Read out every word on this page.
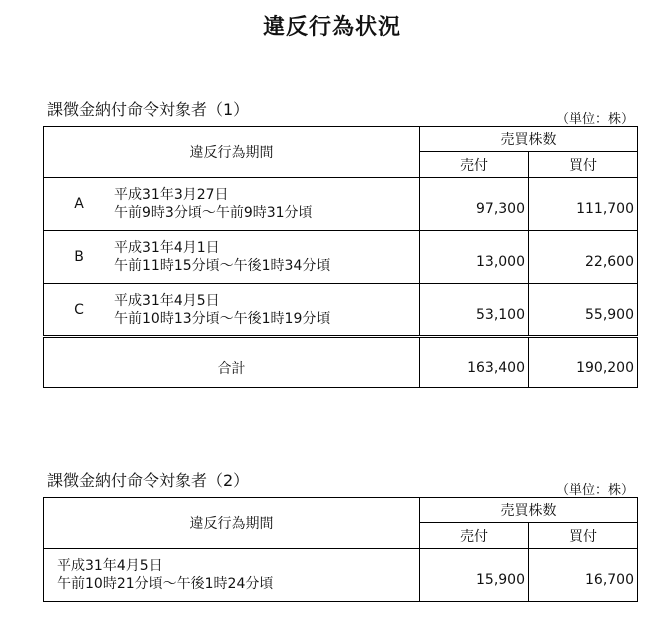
違反行為状況
課徴金納付命令対象者（1）
（単位：株）
違反行為期間	売買株数	
	売付	買付

A
平成31年3月27日
午前9時3分頃～午前9時31分頃	97,300	111,700

B
平成31年4月1日
午前11時15分頃～午後1時34分頃	13,000	22,600

C
平成31年4月5日
午前10時13分頃～午後1時19分頃	53,100	55,900
合計	163,400	190,200
課徴金納付命令対象者（2）
（単位：株）
違反行為期間	売買株数	
	売付	買付

平成31年4月5日
午前10時21分頃～午後1時24分頃	15,900	16,700
